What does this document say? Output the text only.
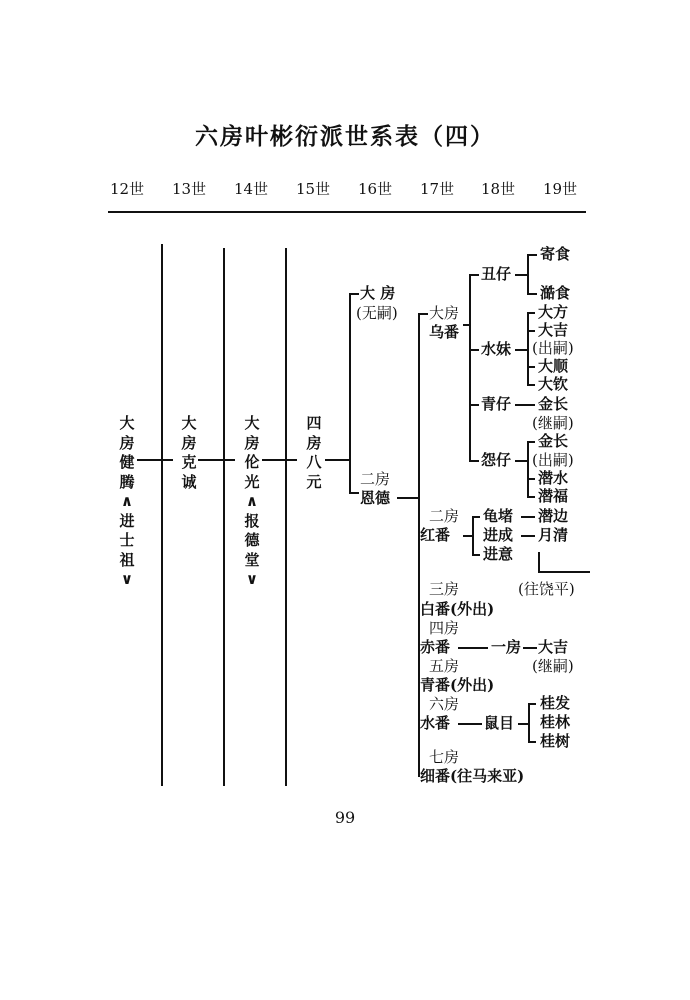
六房叶彬衍派世系表（四）
12世 13世 14世 15世 16世 17世 18世 19世
大
房
健
腾
∧
进
士
祖
∨
大
房
克
诚
大
房
伦
光
∧
报
德
堂
∨
四
房
八
元
大 房
(无嗣)
二房
恩德
大房
乌番
二房
红番
三房	(往饶平)
白番(外出)
四房
赤番
五房
青番(外出)
六房
水番
七房
细番(往马来亚)
丑仔
水妹
青仔
怨仔
寄食
澔食
大方
大吉
(出嗣)
大顺
大钦
金长
(继嗣)
金长
(出嗣)
潜水
潜福
龟堵
进成
进意
潜边
月清
一房 大吉
(继嗣)
鼠目
桂发
桂林
桂树
99
